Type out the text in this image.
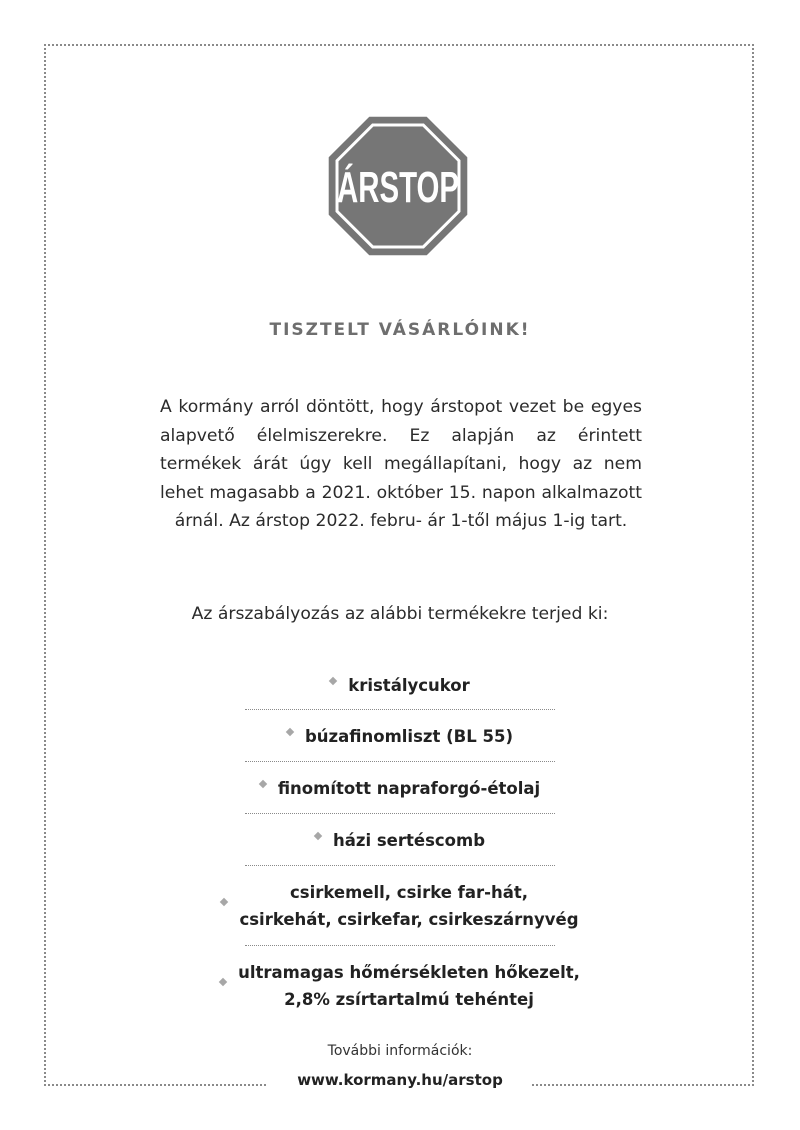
ÁRSTOP
TISZTELT VÁSÁRLÓINK!

A kormány arról döntött, hogy árstopot vezet be egyes alapvető élelmiszerekre. Ez alapján az érintett termékek árát úgy kell megállapítani, hogy az nem lehet magasabb a 2021. október 15. napon alkalmazott árnál. Az árstop 2022. febru- ár 1-től május 1-ig tart.

Az árszabályozás az alábbi termékekre terjed ki:
kristálycukor
búzafinomliszt (BL 55)
finomított napraforgó-étolaj
házi sertéscomb
csirkemell, csirke far-hát,
csirkehát, csirkefar, csirkeszárnyvég
ultramagas hőmérsékleten hőkezelt,
2,8% zsírtartalmú tehéntej
További információk:
www.kormany.hu/arstop
